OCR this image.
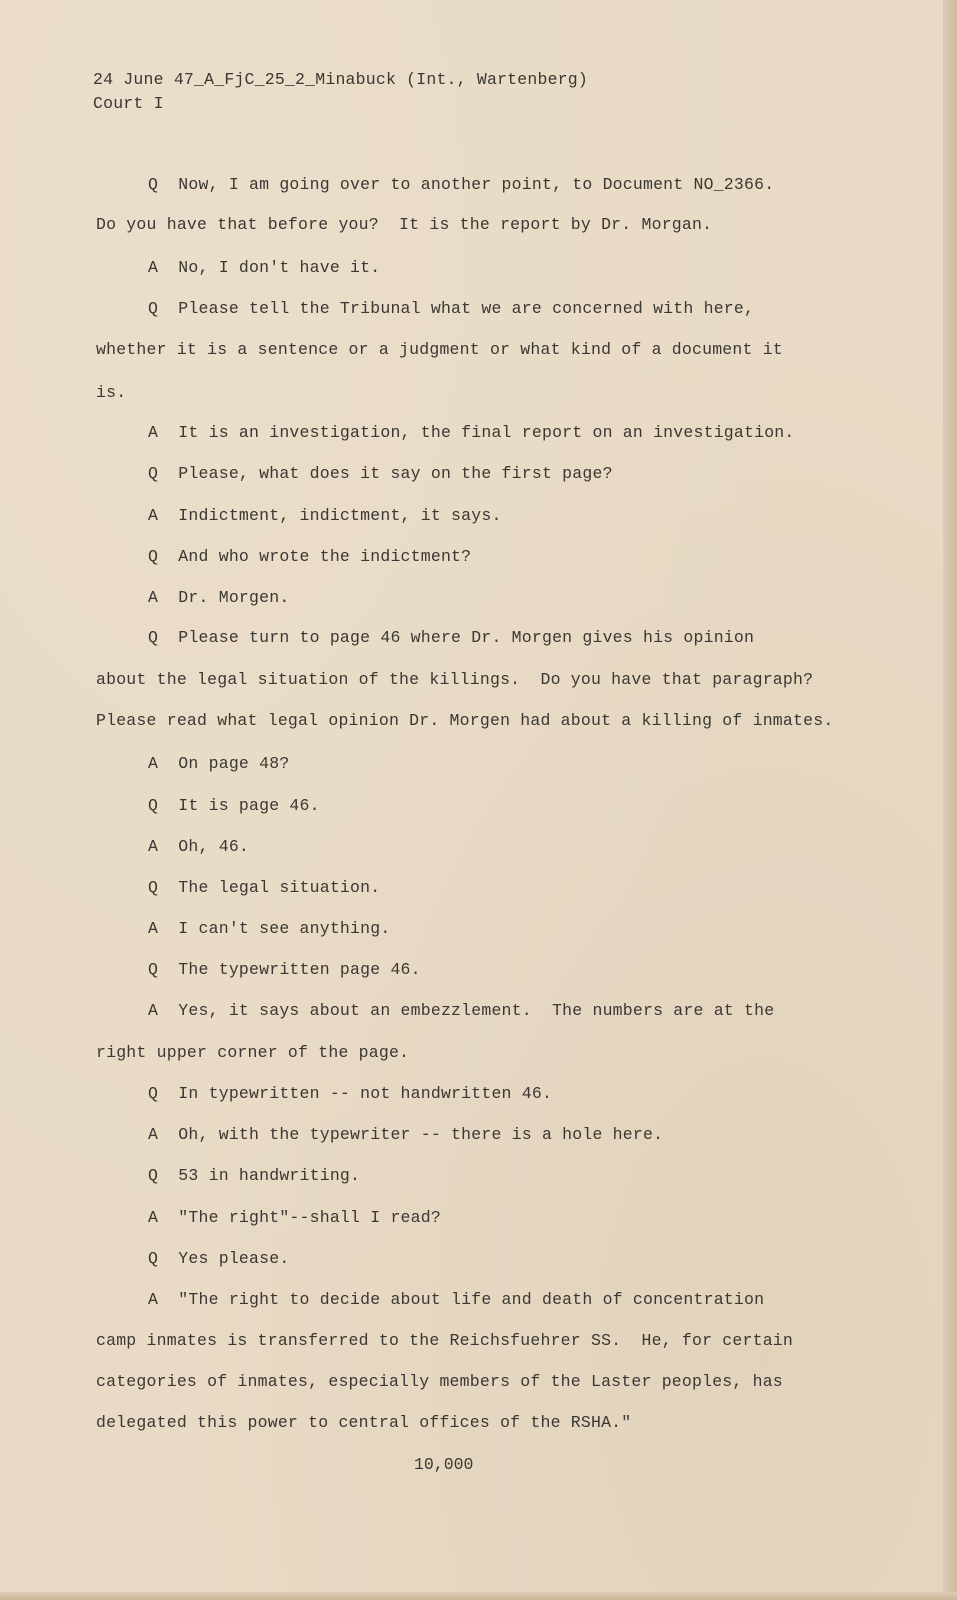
24 June 47_A_FjC_25_2_Minabuck (Int., Wartenberg)
Court I
Q  Now, I am going over to another point, to Document NO_2366.
Do you have that before you?  It is the report by Dr. Morgan.
A  No, I don't have it.
Q  Please tell the Tribunal what we are concerned with here,
whether it is a sentence or a judgment or what kind of a document it
is.
A  It is an investigation, the final report on an investigation.
Q  Please, what does it say on the first page?
A  Indictment, indictment, it says.
Q  And who wrote the indictment?
A  Dr. Morgen.
Q  Please turn to page 46 where Dr. Morgen gives his opinion
about the legal situation of the killings.  Do you have that paragraph?
Please read what legal opinion Dr. Morgen had about a killing of inmates.
A  On page 48?
Q  It is page 46.
A  Oh, 46.
Q  The legal situation.
A  I can't see anything.
Q  The typewritten page 46.
A  Yes, it says about an embezzlement.  The numbers are at the
right upper corner of the page.
Q  In typewritten -- not handwritten 46.
A  Oh, with the typewriter -- there is a hole here.
Q  53 in handwriting.
A  "The right"--shall I read?
Q  Yes please.
A  "The right to decide about life and death of concentration
camp inmates is transferred to the Reichsfuehrer SS.  He, for certain
categories of inmates, especially members of the Laster peoples, has
delegated this power to central offices of the RSHA."
10,000
